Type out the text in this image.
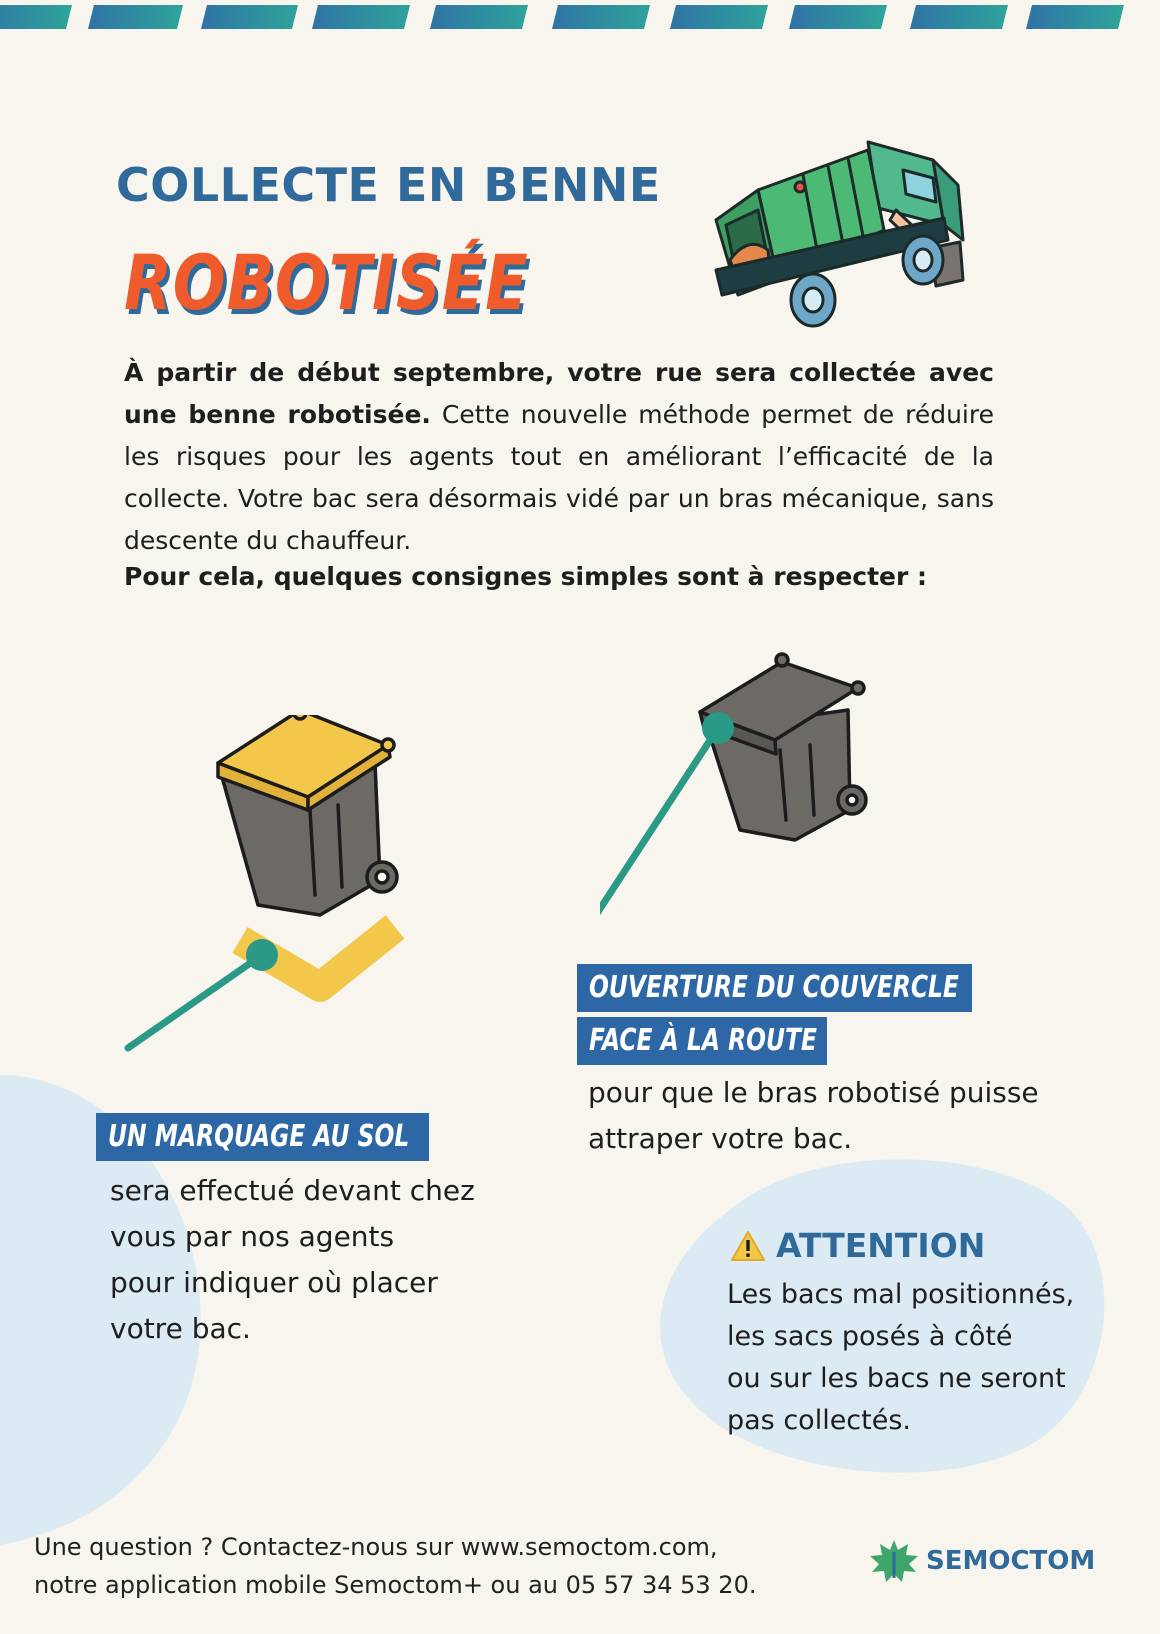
COLLECTE EN BENNE
ROBOTISÉE

À partir de début septembre, votre rue sera collectée avec une benne robotisée. Cette nouvelle méthode permet de réduire les risques pour les agents tout en améliorant l’efficacité de la collecte. Votre bac sera désormais vidé par un bras mécanique, sans descente du chauffeur.

Pour cela, quelques consignes simples sont à respecter :

OUVERTURE DU COUVERCLE
FACE À LA ROUTE

pour que le bras robotisé puisse
attraper votre bac.

UN MARQUAGE AU SOL

sera effectué devant chez
vous par nos agents
pour indiquer où placer
votre bac.

ATTENTION

Les bacs mal positionnés,
les sacs posés à côté
ou sur les bacs ne seront
pas collectés.

Une question ? Contactez-nous sur www.semoctom.com,
notre application mobile Semoctom+ ou au 05 57 34 53 20.

SEMOCTOM
